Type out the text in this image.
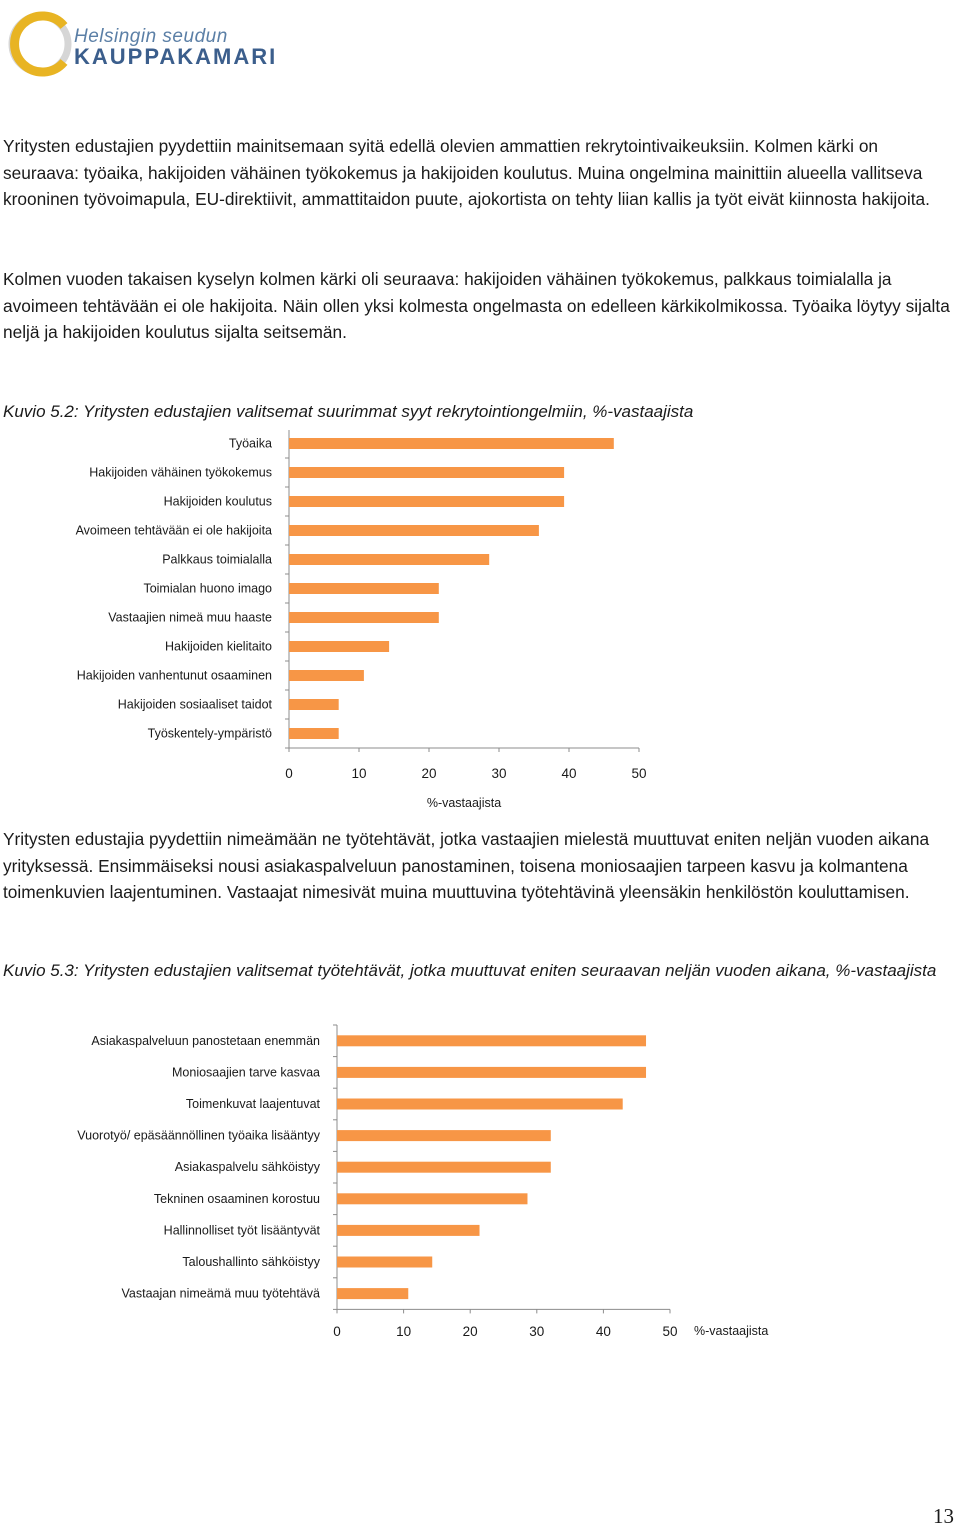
Helsingin seudun
KAUPPAKAMARI

Yritysten edustajien pyydettiin mainitsemaan syitä edellä olevien ammattien rekrytointivaikeuksiin. Kolmen kärki on seuraava: työaika, hakijoiden vähäinen työkokemus ja hakijoiden koulutus. Muina ongelmina mainittiin alueella vallitseva krooninen työvoimapula, EU-direktiivit, ammattitaidon puute, ajokortista on tehty liian kallis ja työt eivät kiinnosta hakijoita.

Kolmen vuoden takaisen kyselyn kolmen kärki oli seuraava: hakijoiden vähäinen työkokemus, palkkaus toimialalla ja avoimeen tehtävään ei ole hakijoita. Näin ollen yksi kolmesta ongelmasta on edelleen kärkikolmikossa. Työaika löytyy sijalta neljä ja hakijoiden koulutus sijalta seitsemän.

Kuvio 5.2: Yritysten edustajien valitsemat suurimmat syyt rekrytointiongelmiin, %-vastaajista

Työaika
Hakijoiden vähäinen työkokemus
Hakijoiden koulutus
Avoimeen tehtävään ei ole hakijoita
Palkkaus toimialalla
Toimialan huono imago
Vastaajien nimeä muu haaste
Hakijoiden kielitaito
Hakijoiden vanhentunut osaaminen
Hakijoiden sosiaaliset taidot
Työskentely-ympäristö
0	10	20	30	40	50
%-vastaajista

Yritysten edustajia pyydettiin nimeämään ne työtehtävät, jotka vastaajien mielestä muuttuvat eniten neljän vuoden aikana yrityksessä. Ensimmäiseksi nousi asiakaspalveluun panostaminen, toisena moniosaajien tarpeen kasvu ja kolmantena toimenkuvien laajentuminen. Vastaajat nimesivät muina muuttuvina työtehtävinä yleensäkin henkilöstön kouluttamisen.

Kuvio 5.3: Yritysten edustajien valitsemat työtehtävät, jotka muuttuvat eniten seuraavan neljän vuoden aikana, %-vastaajista

Asiakaspalveluun panostetaan enemmän
Moniosaajien tarve kasvaa
Toimenkuvat laajentuvat
Vuorotyö/ epäsäännöllinen työaika lisääntyy
Asiakaspalvelu sähköistyy
Tekninen osaaminen korostuu
Hallinnolliset työt lisääntyvät
Taloushallinto sähköistyy
Vastaajan nimeämä muu työtehtävä
0	10	20	30	40	50 %-vastaajista
13
